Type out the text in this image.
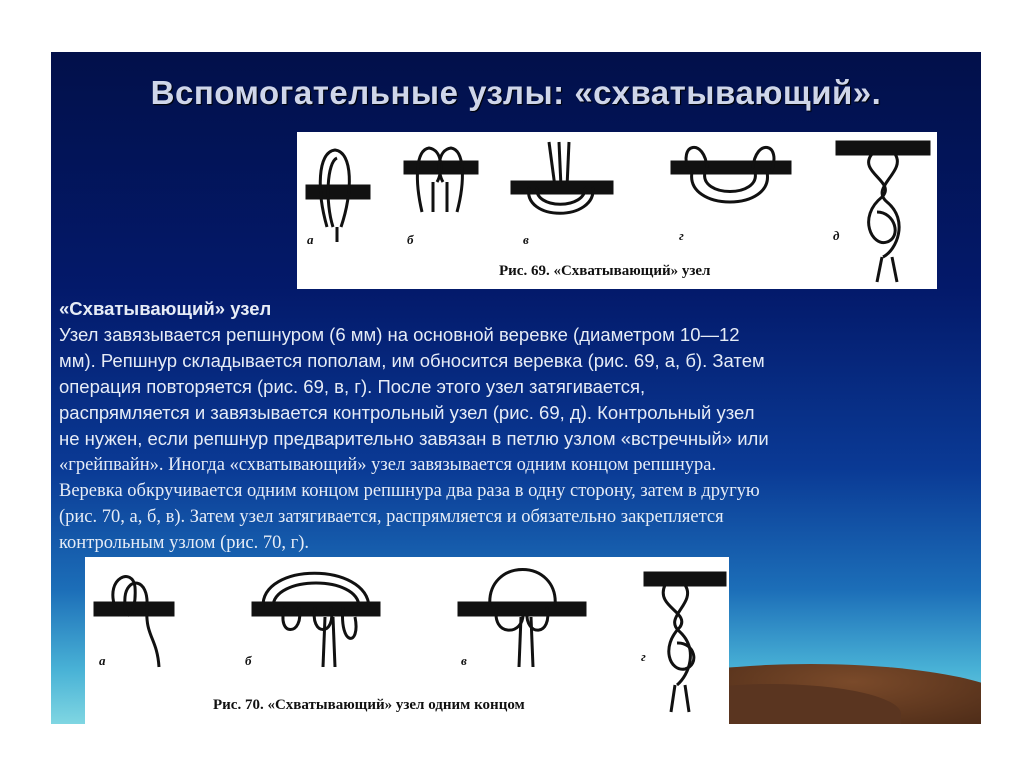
Вспомогательные узлы: «схватывающий».
а	б	в	г	д
Рис. 69. «Схватывающий» узел
«Схватывающий» узел
Узел завязывается репшнуром (6 мм) на основной веревке (диаметром 10—12
мм). Репшнур складывается пополам, им обносится веревка (рис. 69, а, б). Затем
операция повторяется (рис. 69, в, г). После этого узел затягивается,
распрямляется и завязывается контрольный узел (рис. 69, д). Контрольный узел
не нужен, если репшнур предварительно завязан в петлю узлом «встречный» или
«грейпвайн». Иногда «схватывающий» узел завязывается одним концом репшнура.
Веревка обкручивается одним концом репшнура два раза в одну сторону, затем в другую
(рис. 70, а, б, в). Затем узел затягивается, распрямляется и обязательно закрепляется
контрольным узлом (рис. 70, г).
а	б	в	г
Рис. 70. «Схватывающий» узел одним концом
